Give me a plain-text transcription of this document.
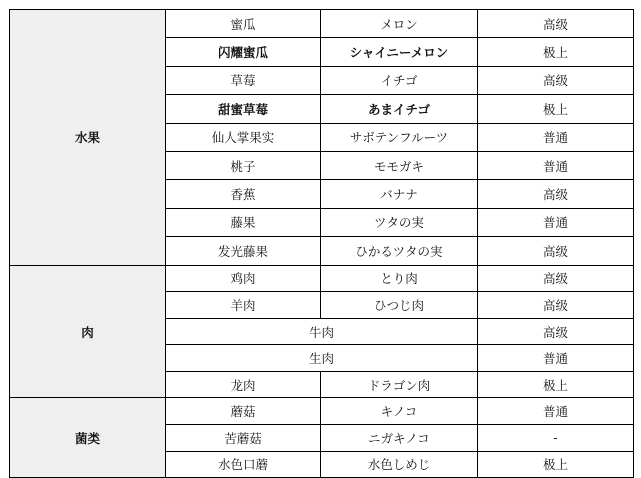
水果	蜜瓜	メロン	高级
	闪耀蜜瓜	シャイニーメロン	极上
	草莓	イチゴ	高级
	甜蜜草莓	あまイチゴ	极上
	仙人掌果实	サボテンフルーツ	普通
	桃子	モモガキ	普通
	香蕉	バナナ	高级
	藤果	ツタの実	普通
	发光藤果	ひかるツタの実	高级
肉	鸡肉	とり肉	高级
	羊肉	ひつじ肉	高级
	牛肉		高级
	生肉		普通
	龙肉	ドラゴン肉	极上
菌类	蘑菇	キノコ	普通
	苦蘑菇	ニガキノコ	-
	水色口蘑	水色しめじ	极上
